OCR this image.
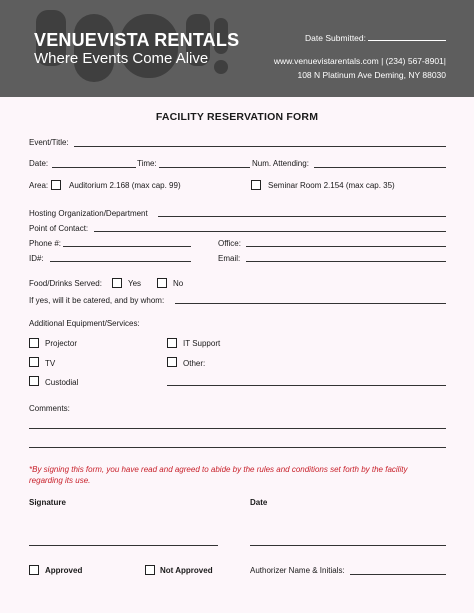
VENUEVISTA RENTALS
Where Events Come Alive
Date Submitted:
www.venuevistarentals.com | (234) 567-8901|
108 N Platinum Ave Deming, NY 88030
FACILITY RESERVATION FORM
Event/Title:
Date:	Time:	Num. Attending:
Area:	Auditorium 2.168 (max cap. 99)	Seminar Room 2.154 (max cap. 35)
Hosting Organization/Department
Point of Contact:
Phone #:	Office:
ID#:	Email:
Food/Drinks Served:	Yes	No
If yes, will it be catered, and by whom:
Additional Equipment/Services:
Projector	IT Support
TV	Other:
Custodial
Comments:
*By signing this form, you have read and agreed to abide by the rules and conditions set forth by the facility regarding its use.
Signature	Date
Approved	Not Approved	Authorizer Name & Initials:
